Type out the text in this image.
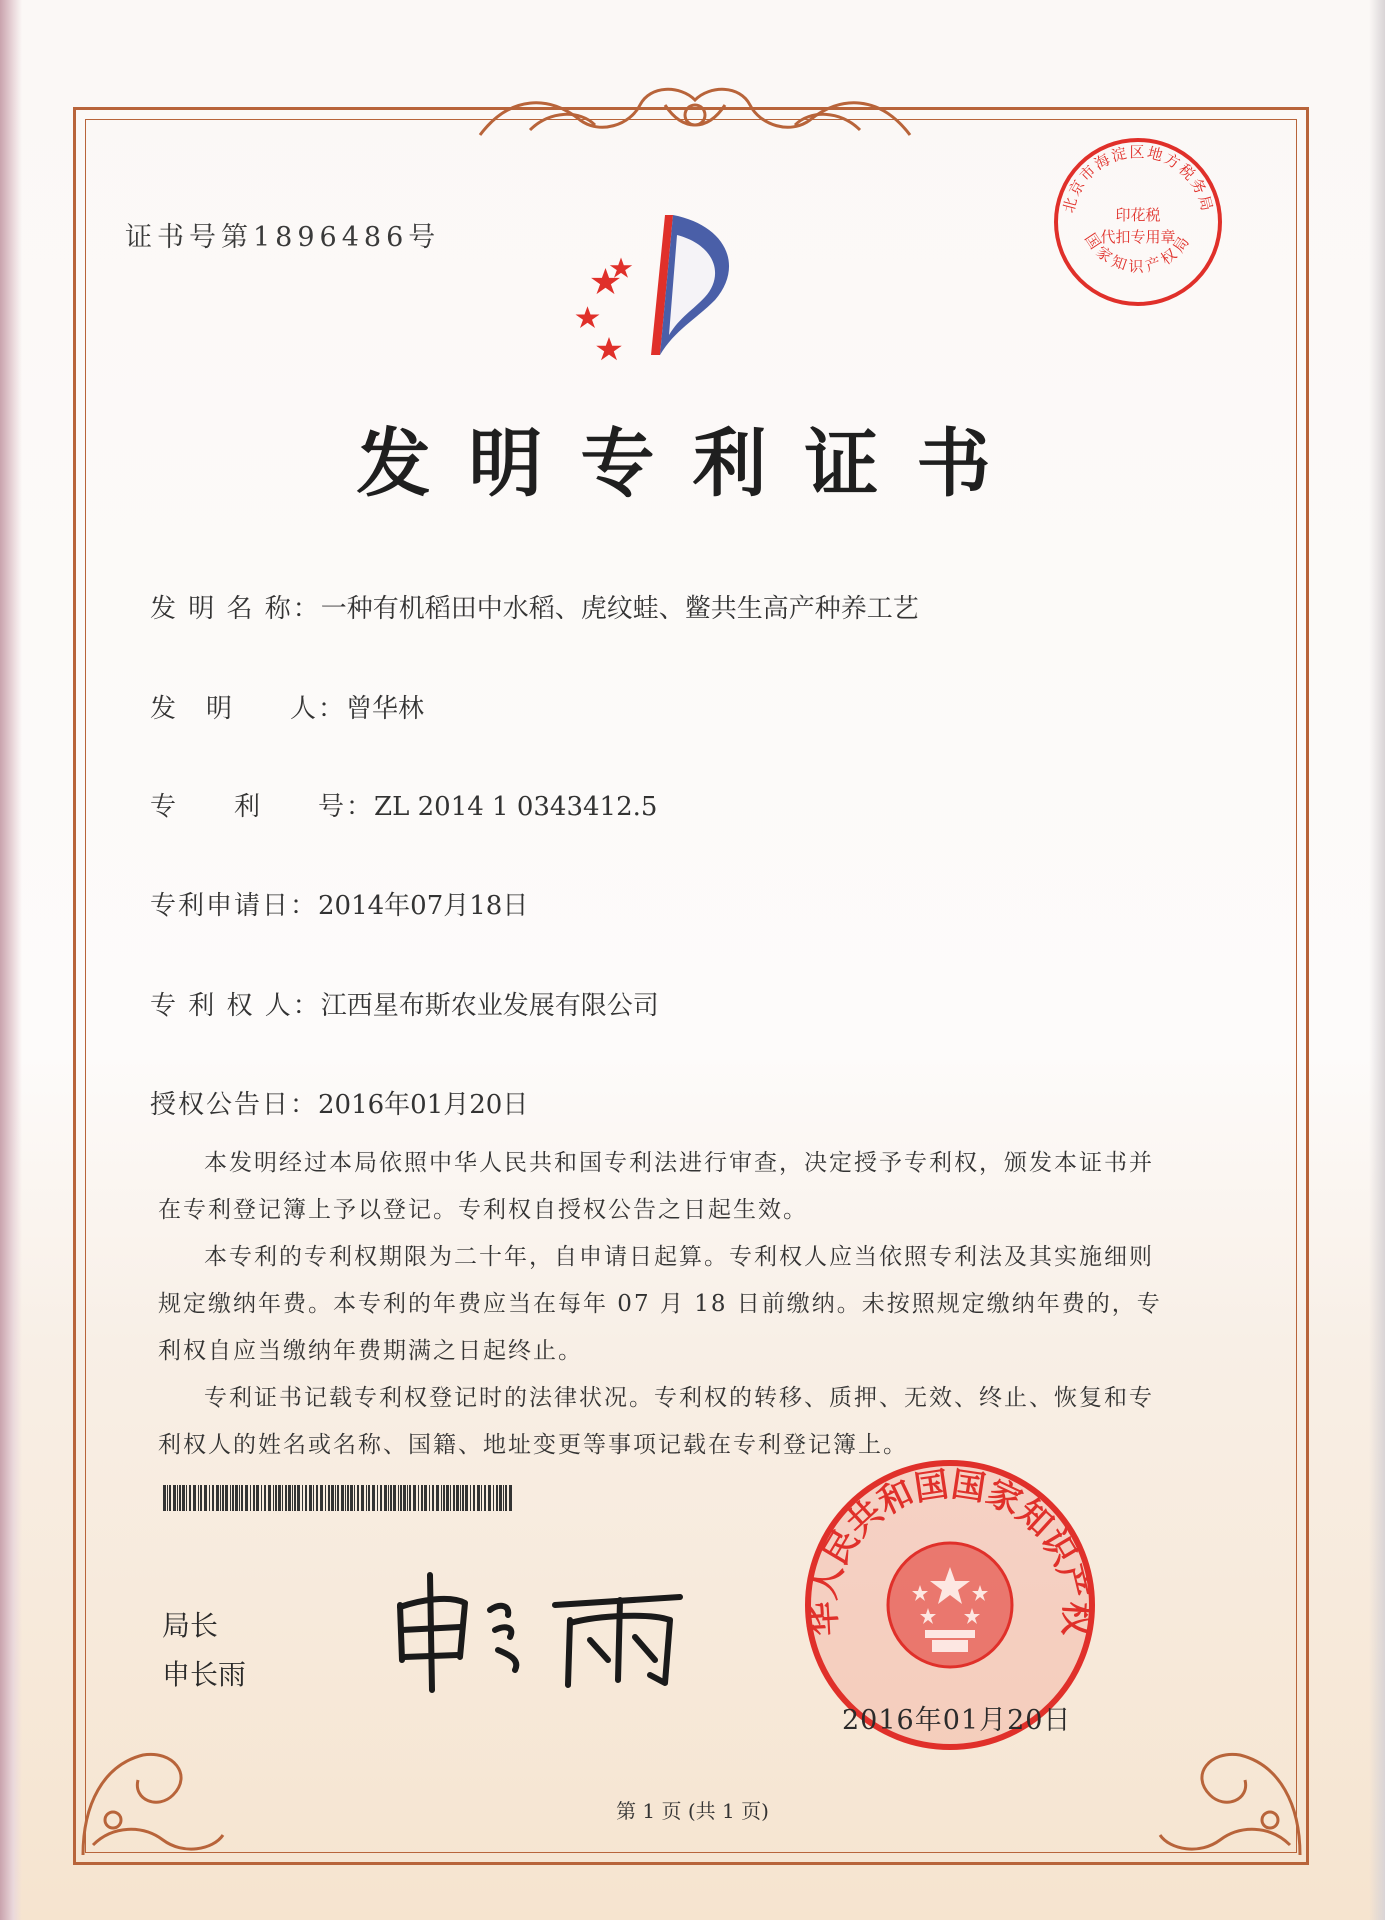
证书号第1896486号
北京市海淀区地方税务局
国家知识产权局
印花税
代扣专用章
发明专利证书
发 明 名 称：一种有机稻田中水稻、虎纹蛙、鳖共生高产种养工艺
发　明　　人：曾华林
专　　利　　号：ZL 2014 1 0343412.5
专利申请日：2014年07月18日
专 利 权 人：江西星布斯农业发展有限公司
授权公告日：2016年01月20日

本发明经过本局依照中华人民共和国专利法进行审查，决定授予专利权，颁发本证书并在专利登记簿上予以登记。专利权自授权公告之日起生效。

本专利的专利权期限为二十年，自申请日起算。专利权人应当依照专利法及其实施细则规定缴纳年费。本专利的年费应当在每年 07 月 18 日前缴纳。未按照规定缴纳年费的，专利权自应当缴纳年费期满之日起终止。

专利证书记载专利权登记时的法律状况。专利权的转移、质押、无效、终止、恢复和专利权人的姓名或名称、国籍、地址变更等事项记载在专利登记簿上。

局长
申长雨
华人民共和国国家知识产权
2016年01月20日
第 1 页 (共 1 页)
